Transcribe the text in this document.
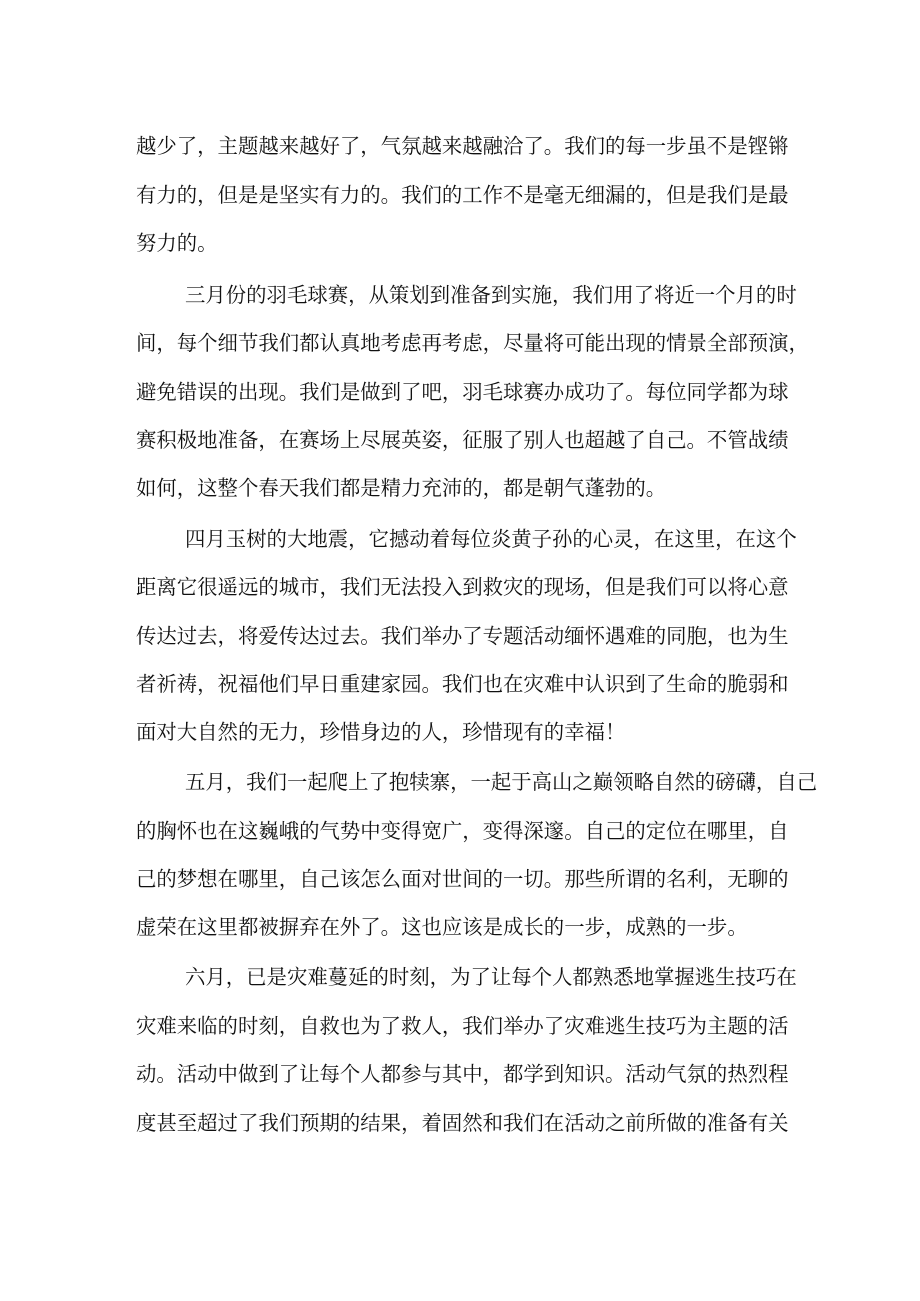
越少了，主题越来越好了，气氛越来越融洽了。我们的每一步虽不是铿锵
有力的，但是是坚实有力的。我们的工作不是毫无细漏的，但是我们是最
努力的。
三月份的羽毛球赛，从策划到准备到实施，我们用了将近一个月的时
间，每个细节我们都认真地考虑再考虑，尽量将可能出现的情景全部预演，
避免错误的出现。我们是做到了吧，羽毛球赛办成功了。每位同学都为球
赛积极地准备，在赛场上尽展英姿，征服了别人也超越了自己。不管战绩
如何，这整个春天我们都是精力充沛的，都是朝气蓬勃的。
四月玉树的大地震，它撼动着每位炎黄子孙的心灵，在这里，在这个
距离它很遥远的城市，我们无法投入到救灾的现场，但是我们可以将心意
传达过去，将爱传达过去。我们举办了专题活动缅怀遇难的同胞，也为生
者祈祷，祝福他们早日重建家园。我们也在灾难中认识到了生命的脆弱和
面对大自然的无力，珍惜身边的人，珍惜现有的幸福！
五月，我们一起爬上了抱犊寨，一起于高山之巅领略自然的磅礴，自己
的胸怀也在这巍峨的气势中变得宽广，变得深邃。自己的定位在哪里，自
己的梦想在哪里，自己该怎么面对世间的一切。那些所谓的名利，无聊的
虚荣在这里都被摒弃在外了。这也应该是成长的一步，成熟的一步。
六月，已是灾难蔓延的时刻，为了让每个人都熟悉地掌握逃生技巧在
灾难来临的时刻，自救也为了救人，我们举办了灾难逃生技巧为主题的活
动。活动中做到了让每个人都参与其中，都学到知识。活动气氛的热烈程
度甚至超过了我们预期的结果，着固然和我们在活动之前所做的准备有关
